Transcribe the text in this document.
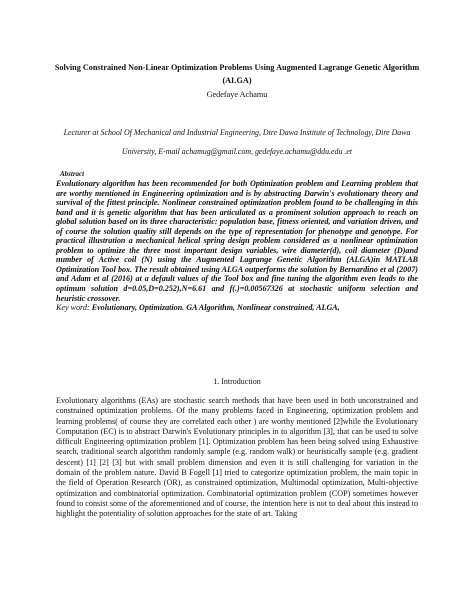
Solving Constrained Non-Linear Optimization Problems Using Augmented Lagrange Genetic Algorithm (ALGA)

Gedefaye Achamu

Lecturer at School Of Mechanical and Industrial Engineering, Dire Dawa Institute of Technology, Dire Dawa University, E-mail achamug@gmail.com, gedefaye.achamu@ddu.edu .et

Abstract

Evolutionary algorithm has been recommended for both Optimization problem and Learning problem that are worthy mentioned in Engineering optimization and is by abstracting Darwin's evolutionary theory and survival of the fittest principle. Nonlinear constrained optimization problem found to be challenging in this band and it is genetic algorithm that has been articulated as a prominent solution approach to reach on global solution based on its three characteristic: population base, fitness oriented, and variation driven, and of course the solution quality still depends on the type of representation for phenotype and genotype. For practical illustration a mechanical helical spring design problem considered as a nonlinear optimization problem to optimize the three most important design variables, wire diameter(d), coil diameter (D)and number of Active coil (N) using the Augmented Lagrange Genetic Algorithm (ALGA)in MATLAB Optimization Tool box. The result obtained using ALGA outperforms the solution by Bernardino et al (2007) and Adam et al (2016) at a default values of the Tool box and fine tuning the algorithm even leads to the optimum solution d=0.05,D=0.252),N=6.61 and f(.)=0.00567326 at stochastic uniform selection and heuristic crossover.

Key word: Evolutionary, Optimization. GA Algorithm, Nonlinear constrained, ALGA,

1. Introduction

Evolutionary algorithms (EAs) are stochastic search methods that have been used in both unconstrained and constrained optimization problems. Of the many problems faced in Engineering, optimization problem and learning problems( of course they are correlated each other ) are worthy mentioned [2]while the Evolutionary Computation (EC) is to abstract Darwin's Evolutionary principles in to algorithm [3], that can be used to solve difficult Engineering optimization problem [1]. Optimization problem has been being solved using Exhaustive search, traditional search algorithm randomly sample (e.g. random walk) or heuristically sample (e.g. gradient descent) [1] [2] [3] but with small problem dimension and even it is still challenging for variation in the domain of the problem nature. David B Fogell [1] tried to categorize optimization problem, the main topic in the field of Operation Research (OR), as constrained optimization, Multimodal optimization, Multi-objective optimization and combinatorial optimization. Combinatorial optimization problem (COP) sometimes however found to consist some of the aforementioned and of course, the intention here is not to deal about this instead to highlight the potentiality of solution approaches for the state of art. Taking
